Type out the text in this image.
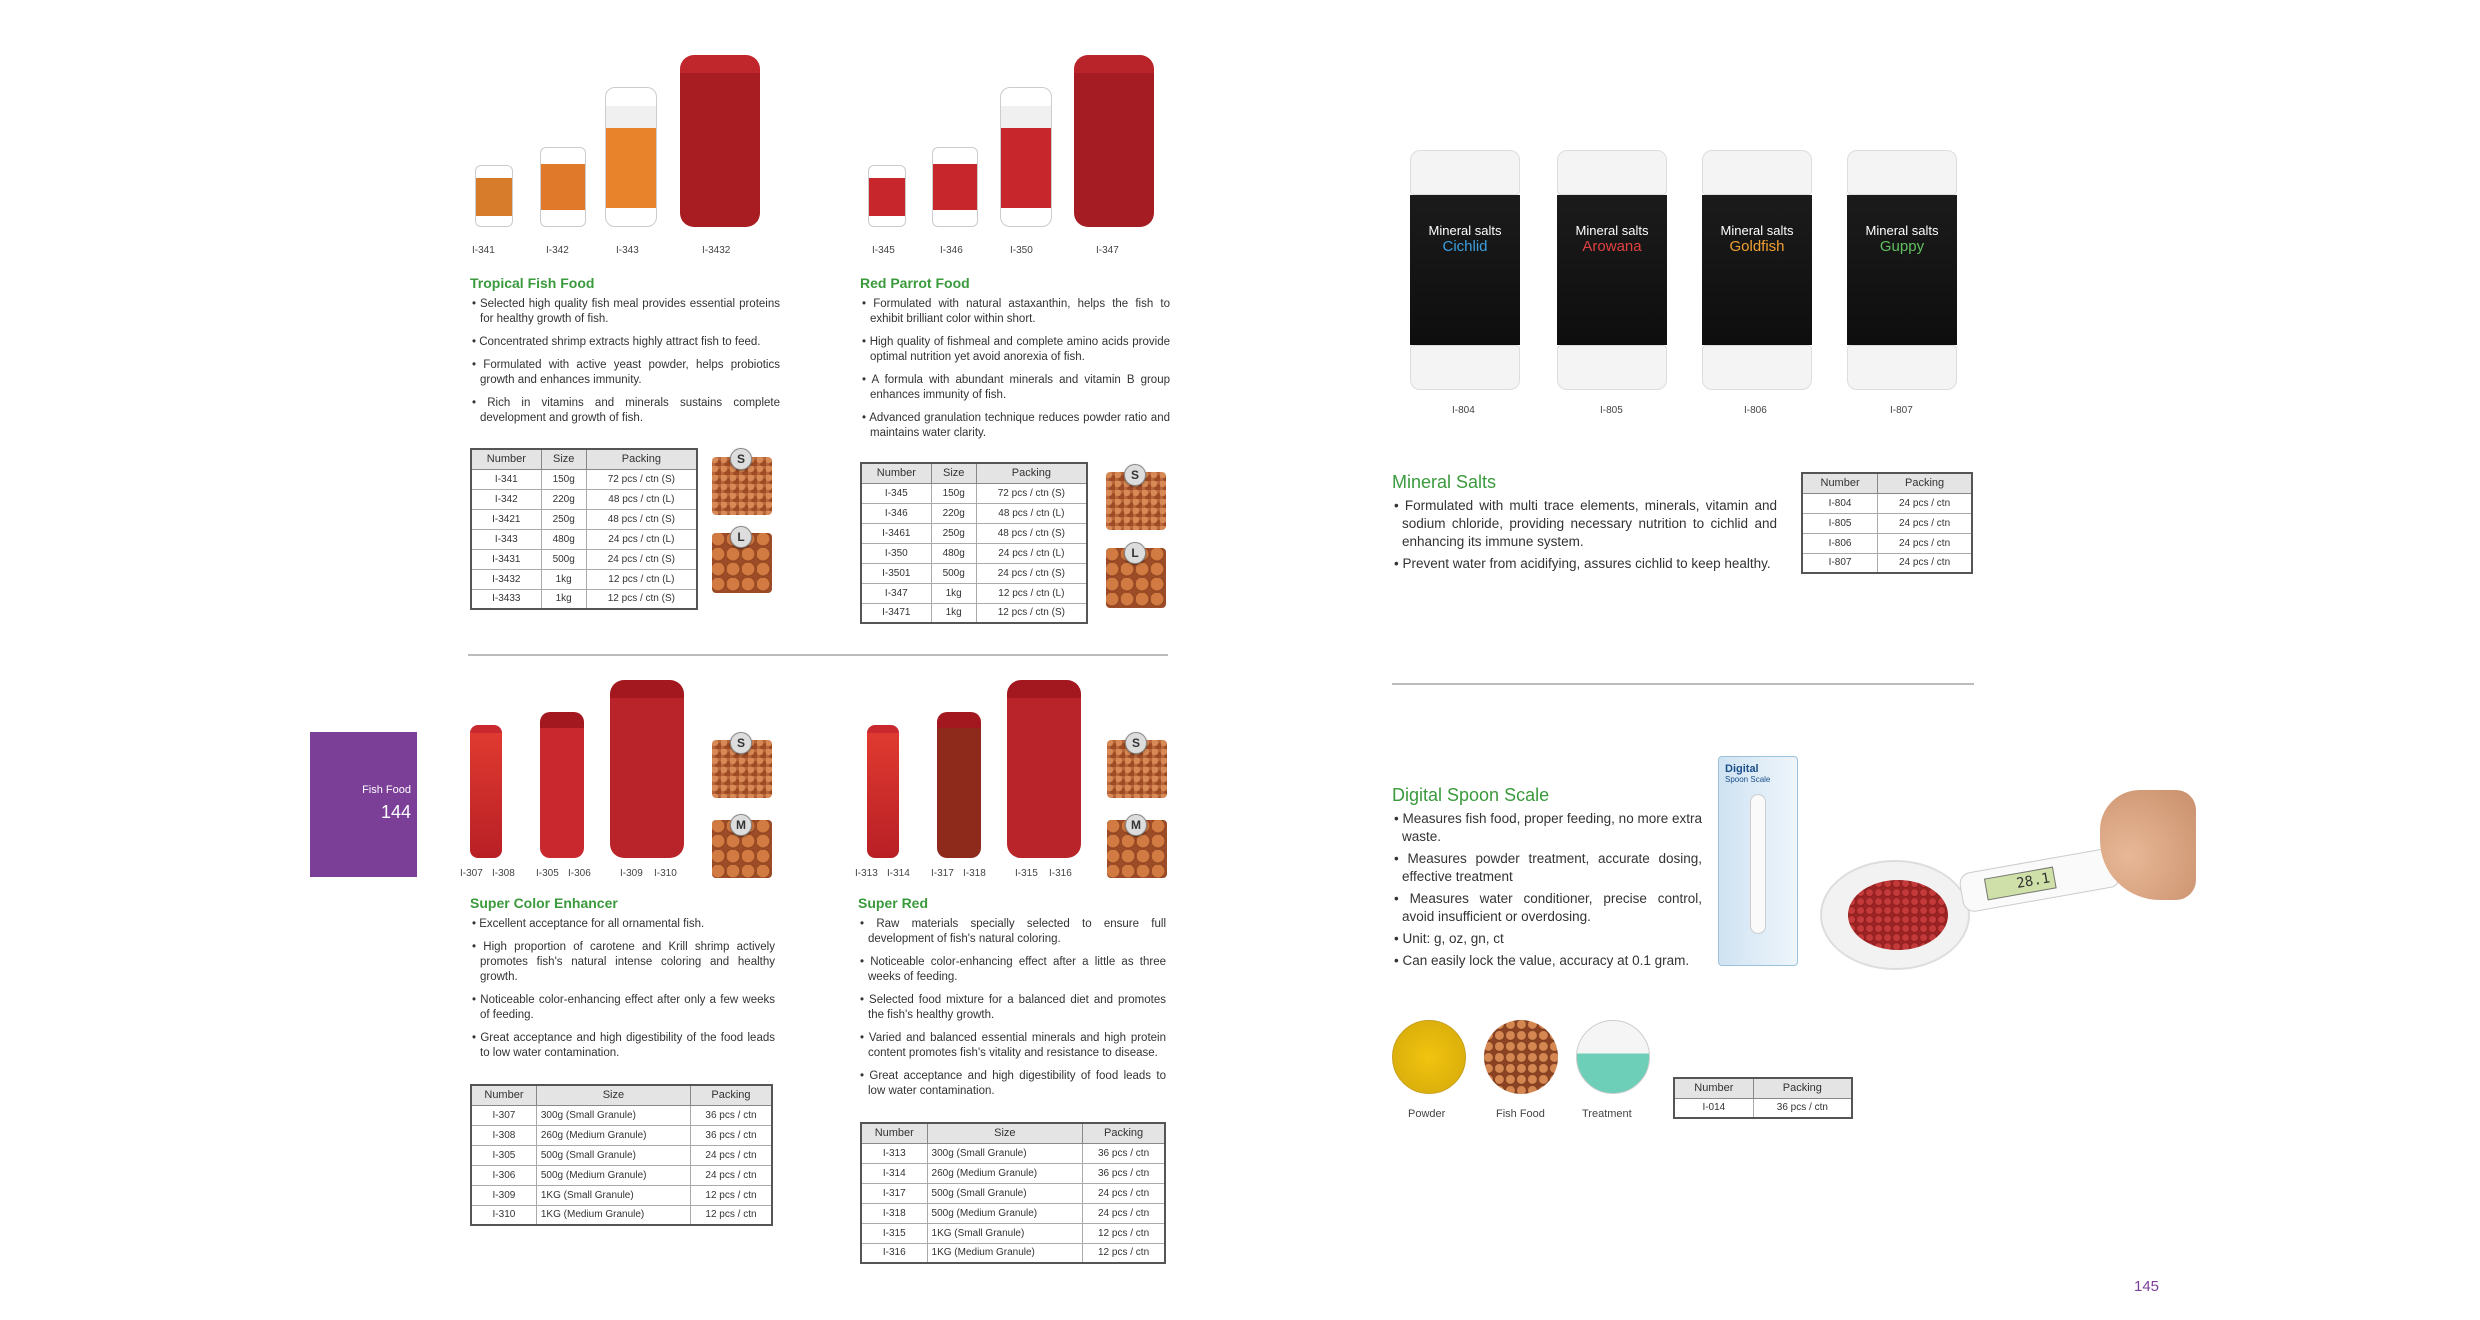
I-341	I-342	I-343	I-3432
Tropical Fish Food
• Selected high quality fish meal provides essential proteins for healthy growth of fish.
• Concentrated shrimp extracts highly attract fish to feed.
• Formulated with active yeast powder, helps probiotics growth and enhances immunity.
• Rich in vitamins and minerals sustains complete development and growth of fish.
Number	Size	Packing
I-341	150g	72 pcs / ctn (S)
I-342	220g	48 pcs / ctn (L)
I-3421	250g	48 pcs / ctn (S)
I-343	480g	24 pcs / ctn (L)
I-3431	500g	24 pcs / ctn (S)
I-3432	1kg	12 pcs / ctn (L)
I-3433	1kg	12 pcs / ctn (S)
S
L
I-345	I-346	I-350	I-347
Red Parrot Food
• Formulated with natural astaxanthin, helps the fish to exhibit brilliant color within short.
• High quality of fishmeal and complete amino acids provide optimal nutrition yet avoid anorexia of fish.
• A formula with abundant minerals and vitamin B group enhances immunity of fish.
• Advanced granulation technique reduces powder ratio and maintains water clarity.
Number	Size	Packing
I-345	150g	72 pcs / ctn (S)
I-346	220g	48 pcs / ctn (L)
I-3461	250g	48 pcs / ctn (S)
I-350	480g	24 pcs / ctn (L)
I-3501	500g	24 pcs / ctn (S)
I-347	1kg	12 pcs / ctn (L)
I-3471	1kg	12 pcs / ctn (S)
S
L
Fish Food
144
I-307 I-308 I-305 I-306	I-309 I-310
S
M
Super Color Enhancer
• Excellent acceptance for all ornamental fish.
• High proportion of carotene and Krill shrimp actively promotes fish's natural intense coloring and healthy growth.
• Noticeable color-enhancing effect after only a few weeks of feeding.
• Great acceptance and high digestibility of the food leads to low water contamination.
Number	Size	Packing
I-307	300g (Small Granule)	36 pcs / ctn
I-308	260g (Medium Granule)	36 pcs / ctn
I-305	500g (Small Granule)	24 pcs / ctn
I-306	500g (Medium Granule)	24 pcs / ctn
I-309	1KG (Small Granule)	12 pcs / ctn
I-310	1KG (Medium Granule)	12 pcs / ctn
I-313 I-314 I-317 I-318	I-315 I-316
S
M
Super Red
• Raw materials specially selected to ensure full development of fish's natural coloring.
• Noticeable color-enhancing effect after a little as three weeks of feeding.
• Selected food mixture for a balanced diet and promotes the fish's healthy growth.
• Varied and balanced essential minerals and high protein content promotes fish's vitality and resistance to disease.
• Great acceptance and high digestibility of food leads to low water contamination.
Number	Size	Packing
I-313	300g (Small Granule)	36 pcs / ctn
I-314	260g (Medium Granule)	36 pcs / ctn
I-317	500g (Small Granule)	24 pcs / ctn
I-318	500g (Medium Granule)	24 pcs / ctn
I-315	1KG (Small Granule)	12 pcs / ctn
I-316	1KG (Medium Granule)	12 pcs / ctn
Mineral salts
Cichlid
Mineral salts
Arowana
Mineral salts
Goldfish
Mineral salts
Guppy
I-804	I-805	I-806	I-807
Mineral Salts
• Formulated with multi trace elements, minerals, vitamin and sodium chloride, providing necessary nutrition to cichlid and enhancing its immune system.
• Prevent water from acidifying, assures cichlid to keep healthy.
Number	Packing
I-804	24 pcs / ctn
I-805	24 pcs / ctn
I-806	24 pcs / ctn
I-807	24 pcs / ctn
Digital Spoon Scale
• Measures fish food, proper feeding, no more extra waste.
• Measures powder treatment, accurate dosing, effective treatment
• Measures water conditioner, precise control, avoid insufficient or overdosing.
• Unit: g, oz, gn, ct
• Can easily lock the value, accuracy at 0.1 gram.
Digital
Spoon Scale
28.1
Powder	Fish Food	Treatment
Number	Packing
I-014	36 pcs / ctn
145
